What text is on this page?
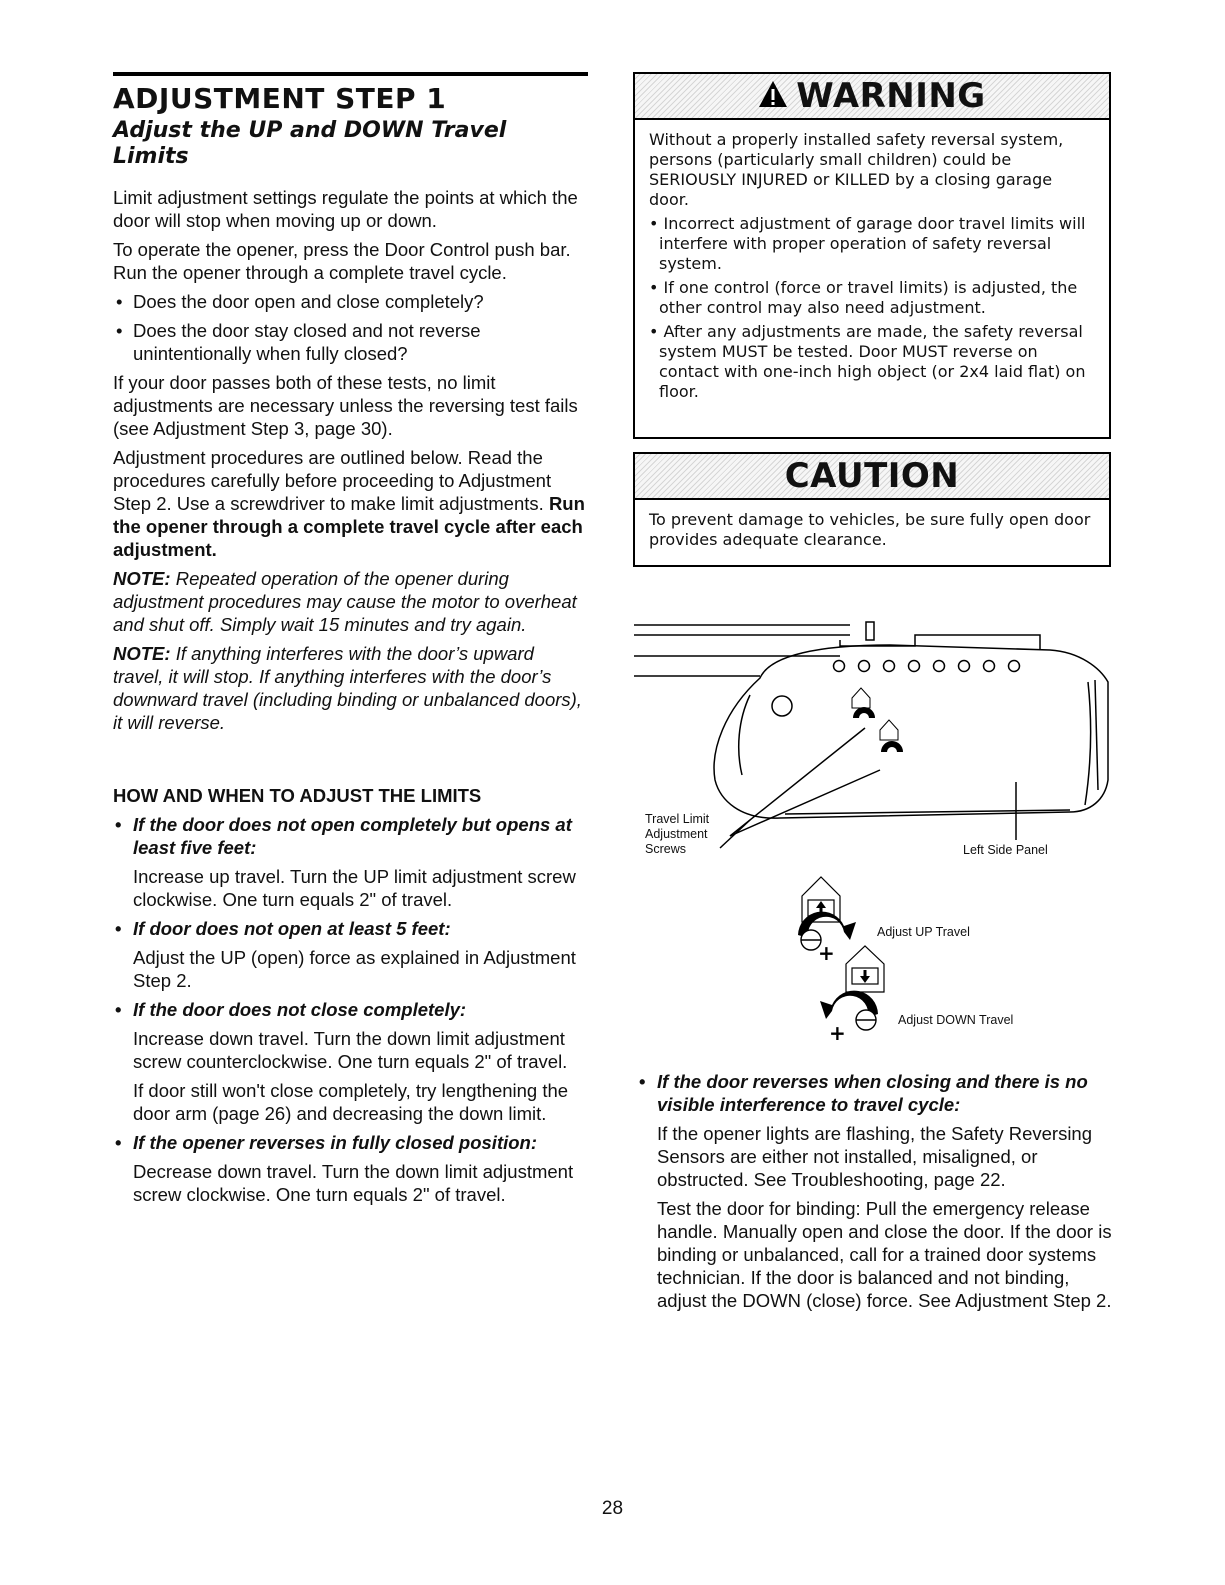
ADJUSTMENT STEP 1
Adjust the UP and DOWN Travel Limits

Limit adjustment settings regulate the points at which the door will stop when moving up or down.

To operate the opener, press the Door Control push bar. Run the opener through a complete travel cycle.

• Does the door open and close completely?
• Does the door stay closed and not reverse unintentionally when fully closed?

If your door passes both of these tests, no limit adjustments are necessary unless the reversing test fails (see Adjustment Step 3, page 30).

Adjustment procedures are outlined below. Read the procedures carefully before proceeding to Adjustment Step 2. Use a screwdriver to make limit adjustments. Run the opener through a complete travel cycle after each adjustment.

NOTE: Repeated operation of the opener during adjustment procedures may cause the motor to overheat and shut off. Simply wait 15 minutes and try again.

NOTE: If anything interferes with the door’s upward travel, it will stop. If anything interferes with the door’s downward travel (including binding or unbalanced doors), it will reverse.

HOW AND WHEN TO ADJUST THE LIMITS
• If the door does not open completely but opens at least five feet:

Increase up travel. Turn the UP limit adjustment screw clockwise. One turn equals 2" of travel.

• If door does not open at least 5 feet:

Adjust the UP (open) force as explained in Adjustment Step 2.

• If the door does not close completely:

Increase down travel. Turn the down limit adjustment screw counterclockwise. One turn equals 2" of travel.

If door still won't close completely, try lengthening the door arm (page 26) and decreasing the down limit.

• If the opener reverses in fully closed position:

Decrease down travel. Turn the down limit adjustment screw clockwise. One turn equals 2" of travel.

WARNING

Without a properly installed safety reversal system, persons (particularly small children) could be SERIOUSLY INJURED or KILLED by a closing garage door.

• Incorrect adjustment of garage door travel limits will interfere with proper operation of safety reversal system.

• If one control (force or travel limits) is adjusted, the other control may also need adjustment.

• After any adjustments are made, the safety reversal system MUST be tested. Door MUST reverse on contact with one-inch high object (or 2x4 laid flat) on floor.

CAUTION

To prevent damage to vehicles, be sure fully open door provides adequate clearance.

+
+
Travel Limit
Adjustment
Screws	Left Side Panel
Adjust UP Travel
Adjust DOWN Travel
• If the door reverses when closing and there is no visible interference to travel cycle:

If the opener lights are flashing, the Safety Reversing Sensors are either not installed, misaligned, or obstructed. See Troubleshooting, page 22.

Test the door for binding: Pull the emergency release handle. Manually open and close the door. If the door is binding or unbalanced, call for a trained door systems technician. If the door is balanced and not binding, adjust the DOWN (close) force. See Adjustment Step 2.

28
